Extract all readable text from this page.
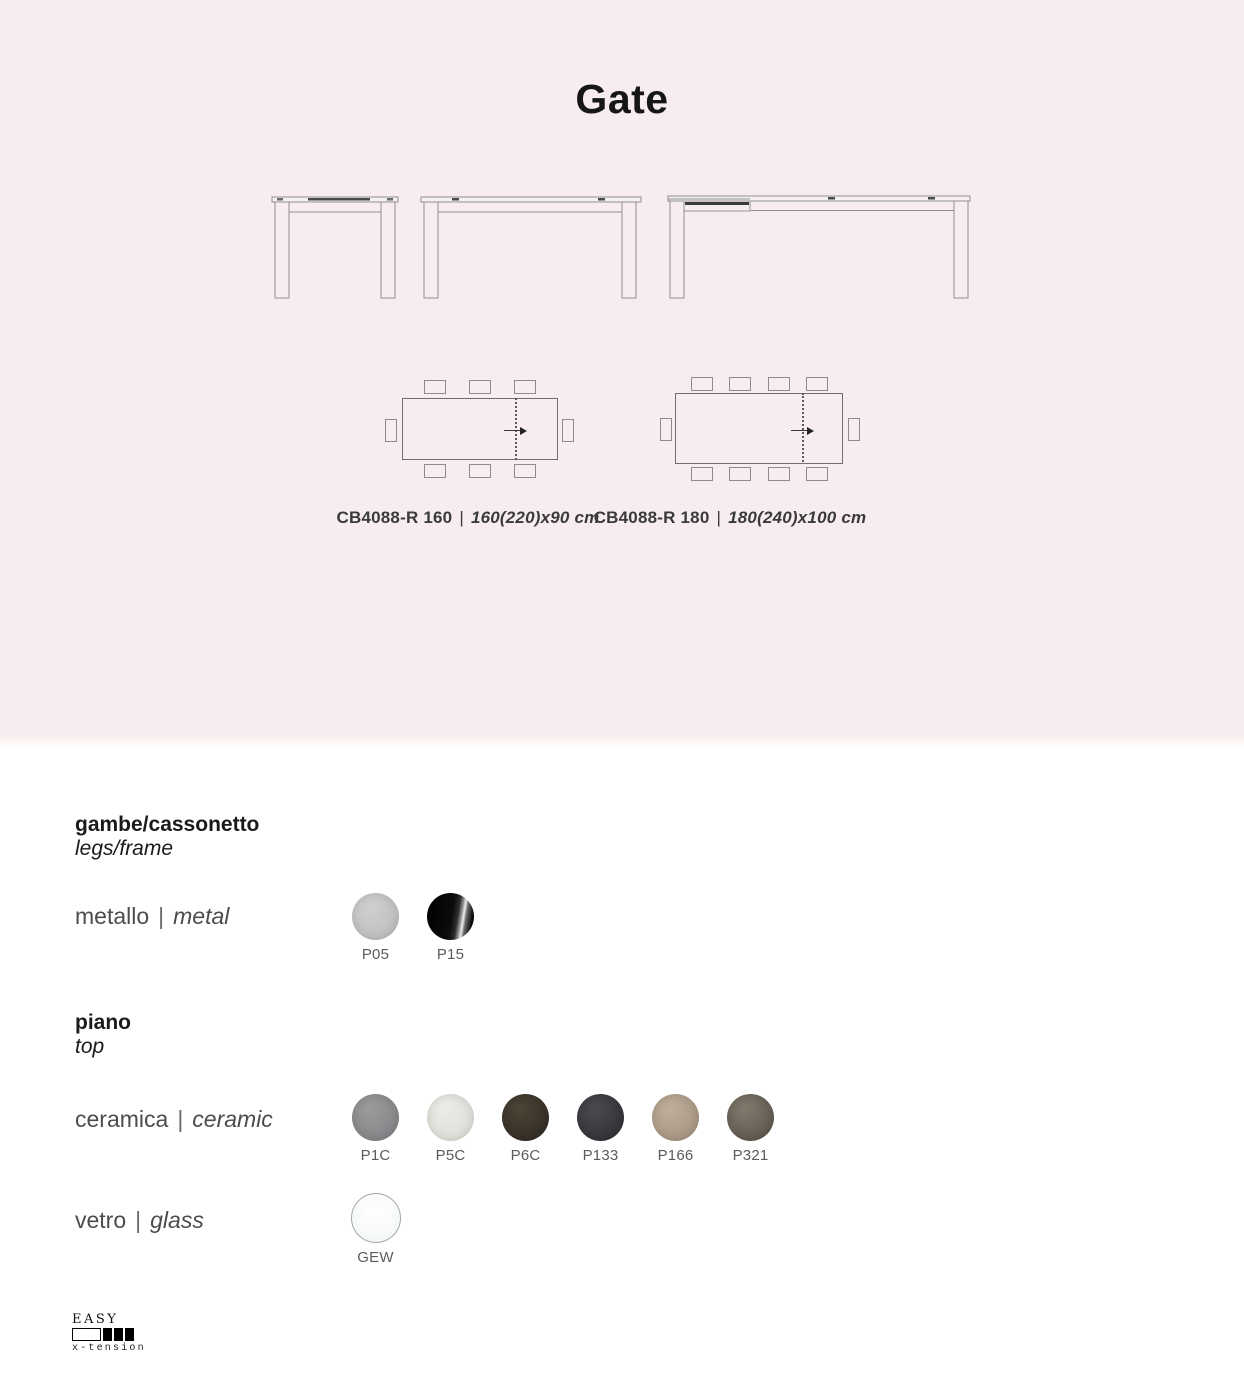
Gate
CB4088-R 160 | 160(220)x90 cm
CB4088-R 180 | 180(240)x100 cm
gambe/cassonetto
legs/frame
metallo | metal
P05	P15
piano
top
ceramica | ceramic
P1C	P5C	P6C	P133	P166	P321
vetro | glass
GEW
EASY
x-tension
